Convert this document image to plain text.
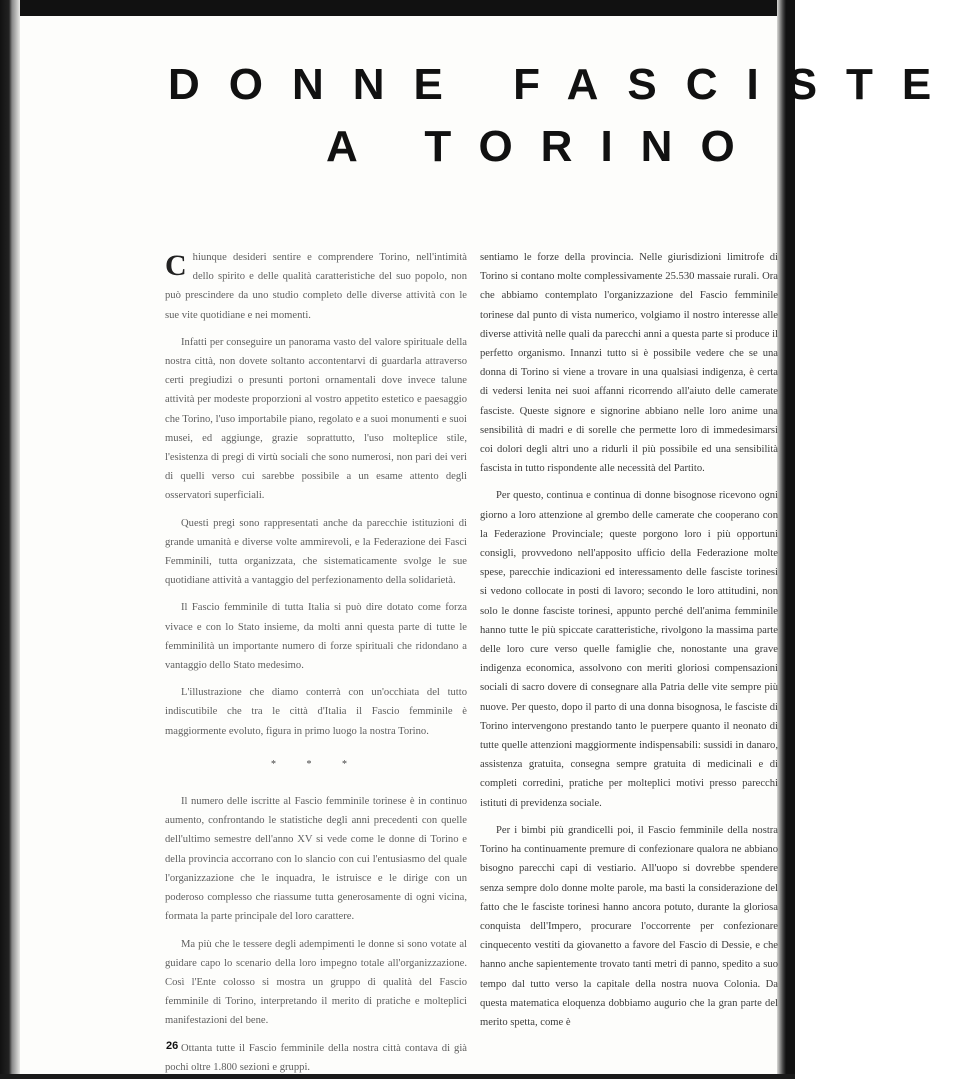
DONNE FASCISTE
A TORINO

Chiunque desideri sentire e comprendere Torino, nell'intimità dello spirito e delle qualità caratteristiche del suo popolo, non può prescindere da uno studio completo delle diverse attività con le sue vite quotidiane e nei momenti.

Infatti per conseguire un panorama vasto del valore spirituale della nostra città, non dovete soltanto accontentarvi di guardarla attraverso certi pregiudizi o presunti portoni ornamentali dove invece talune attività per modeste proporzioni al vostro appetito estetico e paesaggio che Torino, l'uso importabile piano, regolato e a suoi monumenti e suoi musei, ed aggiunge, grazie soprattutto, l'uso molteplice stile, l'esistenza di pregi di virtù sociali che sono numerosi, non pari dei veri di quelli verso cui sarebbe possibile a un esame attento degli osservatori superficiali.

Questi pregi sono rappresentati anche da parecchie istituzioni di grande umanità e diverse volte ammirevoli, e la Federazione dei Fasci Femminili, tutta organizzata, che sistematicamente svolge le sue quotidiane attività a vantaggio del perfezionamento della solidarietà.

Il Fascio femminile di tutta Italia si può dire dotato come forza vivace e con lo Stato insieme, da molti anni questa parte di tutte le femminilità un importante numero di forze spirituali che ridondano a vantaggio dello Stato medesimo.

L'illustrazione che diamo conterrà con un'occhiata del tutto indiscutibile che tra le città d'Italia il Fascio femminile è maggiormente evoluto, figura in primo luogo la nostra Torino.

* * *

Il numero delle iscritte al Fascio femminile torinese è in continuo aumento, confrontando le statistiche degli anni precedenti con quelle dell'ultimo semestre dell'anno XV si vede come le donne di Torino e della provincia accorrano con lo slancio con cui l'entusiasmo del quale l'organizzazione che le inquadra, le istruisce e le dirige con un poderoso complesso che riassume tutta generosamente di ogni vicina, formata la parte principale del loro carattere.

Ma più che le tessere degli adempimenti le donne si sono votate al guidare capo lo scenario della loro impegno totale all'organizzazione. Così l'Ente colosso si mostra un gruppo di qualità del Fascio femminile di Torino, interpretando il merito di pratiche e molteplici manifestazioni del bene.

Ottanta tutte il Fascio femminile della nostra città contava di già pochi oltre 1.800 sezioni e gruppi.

sentiamo le forze della provincia. Nelle giurisdizioni limitrofe di Torino si contano molte complessivamente 25.530 massaie rurali. Ora che abbiamo contemplato l'organizzazione del Fascio femminile torinese dal punto di vista numerico, volgiamo il nostro interesse alle diverse attività nelle quali da parecchi anni a questa parte si produce il perfetto organismo. Innanzi tutto si è possibile vedere che se una donna di Torino si viene a trovare in una qualsiasi indigenza, è certa di vedersi lenita nei suoi affanni ricorrendo all'aiuto delle camerate fasciste. Queste signore e signorine abbiano nelle loro anime una sensibilità di madri e di sorelle che permette loro di immedesimarsi coi dolori degli altri uno a ridurli il più possibile ed una sensibilità fascista in tutto rispondente alle necessità del Partito.

Per questo, continua e continua di donne bisognose ricevono ogni giorno a loro attenzione al grembo delle camerate che cooperano con la Federazione Provinciale; queste porgono loro i più opportuni consigli, provvedono nell'apposito ufficio della Federazione molte spese, parecchie indicazioni ed interessamento delle fasciste torinesi si vedono collocate in posti di lavoro; secondo le loro attitudini, non solo le donne fasciste torinesi, appunto perché dell'anima femminile hanno tutte le più spiccate caratteristiche, rivolgono la massima parte delle loro cure verso quelle famiglie che, nonostante una grave indigenza economica, assolvono con meriti gloriosi compensazioni sociali di sacro dovere di consegnare alla Patria delle vite sempre più nuove. Per questo, dopo il parto di una donna bisognosa, le fasciste di Torino intervengono prestando tanto le puerpere quanto il neonato di tutte quelle attenzioni maggiormente indispensabili: sussidi in danaro, assistenza gratuita, consegna sempre gratuita di medicinali e di completi corredini, pratiche per molteplici motivi presso parecchi istituti di previdenza sociale.

Per i bimbi più grandicelli poi, il Fascio femminile della nostra Torino ha continuamente premure di confezionare qualora ne abbiano bisogno parecchi capi di vestiario. All'uopo si dovrebbe spendere senza sempre dolo donne molte parole, ma basti la considerazione del fatto che le fasciste torinesi hanno ancora potuto, durante la gloriosa conquista dell'Impero, procurare l'occorrente per confezionare cinquecento vestiti da giovanetto a favore del Fascio di Dessie, e che hanno anche sapientemente trovato tanti metri di panno, spedito a suo tempo dal tutto verso la capitale della nostra nuova Colonia. Da questa matematica eloquenza dobbiamo augurio che la gran parte del merito spetta, come è

26
